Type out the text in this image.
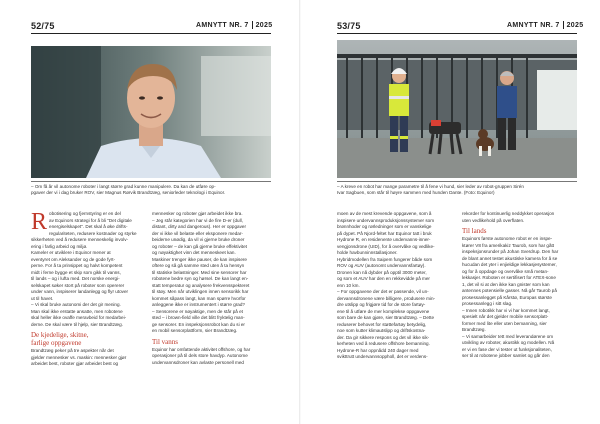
52/75	AMNYTT NR. 7 2025
– Om få år vil autonome roboter i langt større grad kunne manipulere. Da kan de utføre op-
pgaver der vi i dag bruker ROV, sier Magnus Rørvik Brandtzæg, seniorleder teknologi i Equinor.
R obotisering og fjernstyring er en del
av Equinors strategi for å bli "Det digitale
energiselskapet". Det skal å øke drifts-
regulariteten, redusere kostnader og styrke
sikkerheten ved å redusere menneskelig involv-
ering i farlig arbeid og miljø.
Kameler er utviklere i Equinor mener at
eventyret om Aleksander og de gode fyrt-
perne. For å ta prinsippet og halvt kompetent
midt i ferne bygge et skip som gikk til vanns,
til lands – og i lufta med. Det norske energi-
selskapet søker stort på roboter som opererer
under vann, inspiserer landanlegg og flyr utover
ut til havet.
– Vi skal bruke autonomi der det gir mening.
Man skal ikke erstatte ansatte, men robotene
skal heller ikke ovaffe meravbeid for medarbei-
derne. De skal være til hjelp, sier Brandtzæg.

De kjedelige, skitne,
farlige oppgavene

Brandtzæg peker på tre aspekter når det
gjelder mennesker vs. maskin: mennesker gjør
arbeidet best, roboter gjør arbeidet best og

mennesker og roboter gjør arbeidet ikke bra.
– Jeg står kategorien har vi de fire D-er (dull,
distant, dirty and dangerous). Her er oppgaver
der vi ikke vil belaste eller eksponere medar-
beiderne unødig, da vil vi gjerne bruke droner
og roboter – de kan gå gjerne bruke effektivitet
og nøyaktighet vinn det menneskeet kan.
Maskiner trenger ikke pauser, de kan inspisere
oftere og så gå samme sted uten å ta hensyn
til statiske belastninger. Med sine sensorer har
robotene bedre syn og hørsel. De kan langt en-
statt temperatur og analysere frekvensspekteret
til støy. Men når utviklingen innen sensorikk har
kommet såpass langt, kan man spørre hvorfor
anleggene ikke er instrumentert i større grad?
– Sensorene er nøyaktige, men de står på et
sted – i brown-field ville det blitt fryktelig man-
ge sensorer. En inspeksjonsrobot kan du si er
en mobil sensorplattform, sier Brandtzæg.

Til vanns

Equinor har omfattende aktivitet offshore, og har
operasjoner på til dels store havdyp. Autonome
undervannsdroner kan avlaste personell med

53/75	AMNYTT NR. 7 2025
– A kreve en robot har mange parametre til å fene vi hund, sier leder av robot-gruppen Sirén
Ivar Sagbuen, som står til høyre sammen med hunden Dante. (Foto: Equinor)

moen av de mest krevende oppgavene, som å
inspisere undervannsproduksjonssystemer som
brønnhoder og rørledninger som er vanskelige
på dypet. På Njord-feltet har Equinor tatt i bruk
Hydrone R, en residenente undervanns-inner-
vengjonsdrone (UID), for å overvåke og vedlike-
holde havbunninnstallasjoner.
Hybridmodellen fra Saipem fungerer både som
ROV og AUV (autonomt undervannsfartøy).
Dronen kan nå dybder på opptil 3000 meter,
og som et AUV har den en rekkevidde på mer
enn 10 km.
– For oppgavene der det er passende, vil un-
dervannsdronene være billigere, produsere min-
dre utslipp og frigjøre tid for de store fartøy-
ene til å utføre de mer komplekse oppgavene
som bare de kan gjøre, sier Brandtzæg. – Dette
reduserer behovet for støttefartøy betydelig,
noe som kutter klimautslipp og driftskostna-
der. Da gir sikkere respons og det vil ikke sik-
kerheten ved å redusere offshore bemanning.
Hydrone-R har oppnådd 240 dager med
svikttrutt undervannsoppholl, det er verdens-

rekorder for kontinuerlig neddykket operasjon
uten vedlikehold på overflaten.

Til lands

Equinors første autonome robot er en inspe-
ktører V8 fra amerikakiz Taurob, som har gått
inspeksjonsrunder på Johan Sverdrup. Den har
de blant annet testet akustiske kamera for å se
hucudan det yter i enjieldige lekkasjesystemer,
og for å oppdage og overvåke små metan-
lekkasjer. Roboten er sertifisert for ATEX-sone
1, det vil si at den ikke kan gnister som kan
antennes potensielle gasser. Nå går Taurob på
prosessanlegget på Kårstø, Europas største
prosessanlegg i sitt slag.
– Innen robotikk har vi vi har kommet langt,
spesielt når det gjelder mobile sensorplatt-
former med lite eller uten bemanning, sier
Brandtzæg.
– Vi samarbeider tett med leverandørene om
utvikling av roboter, akustikk og modellen. Nå
er vi en fase der vi tester ut funksjonaliteten,
ser til at robotene jobber samlet og går den
